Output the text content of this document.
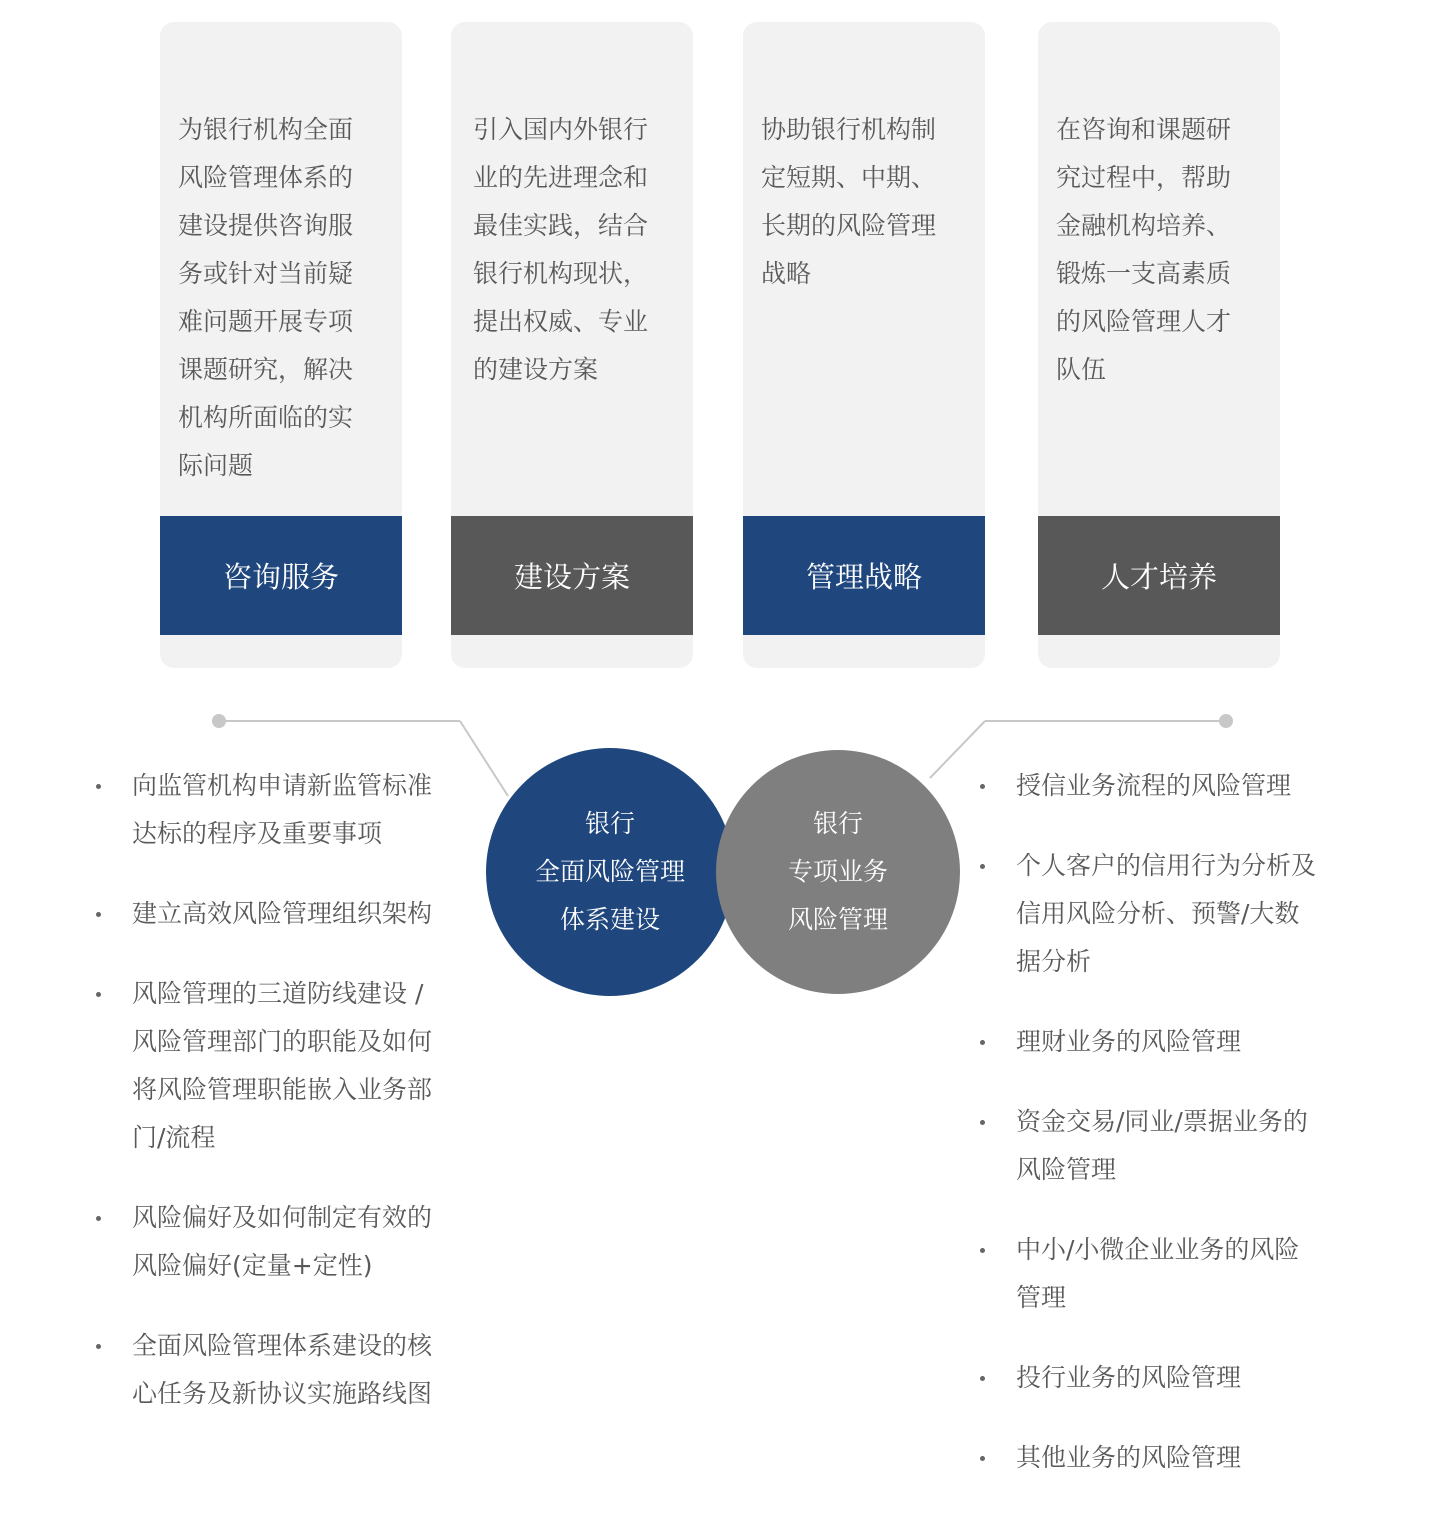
为银行机构全面风险管理体系的建设提供咨询服务或针对当前疑难问题开展专项课题研究，解决机构所面临的实际问题
咨询服务
引入国内外银行业的先进理念和最佳实践，结合银行机构现状，提出权威、专业的建设方案
建设方案
协助银行机构制定短期、中期、长期的风险管理战略
管理战略
在咨询和课题研究过程中，帮助金融机构培养、锻炼一支高素质的风险管理人才队伍
人才培养
银行
全面风险管理
体系建设
银行
专项业务
风险管理
向监管机构申请新监管标准达标的程序及重要事项
建立高效风险管理组织架构
风险管理的三道防线建设 / 风险管理部门的职能及如何将风险管理职能嵌入业务部门/流程
风险偏好及如何制定有效的风险偏好(定量+定性)
全面风险管理体系建设的核心任务及新协议实施路线图
授信业务流程的风险管理
个人客户的信用行为分析及信用风险分析、预警/大数据分析
理财业务的风险管理
资金交易/同业/票据业务的风险管理
中小/小微企业业务的风险管理
投行业务的风险管理
其他业务的风险管理
